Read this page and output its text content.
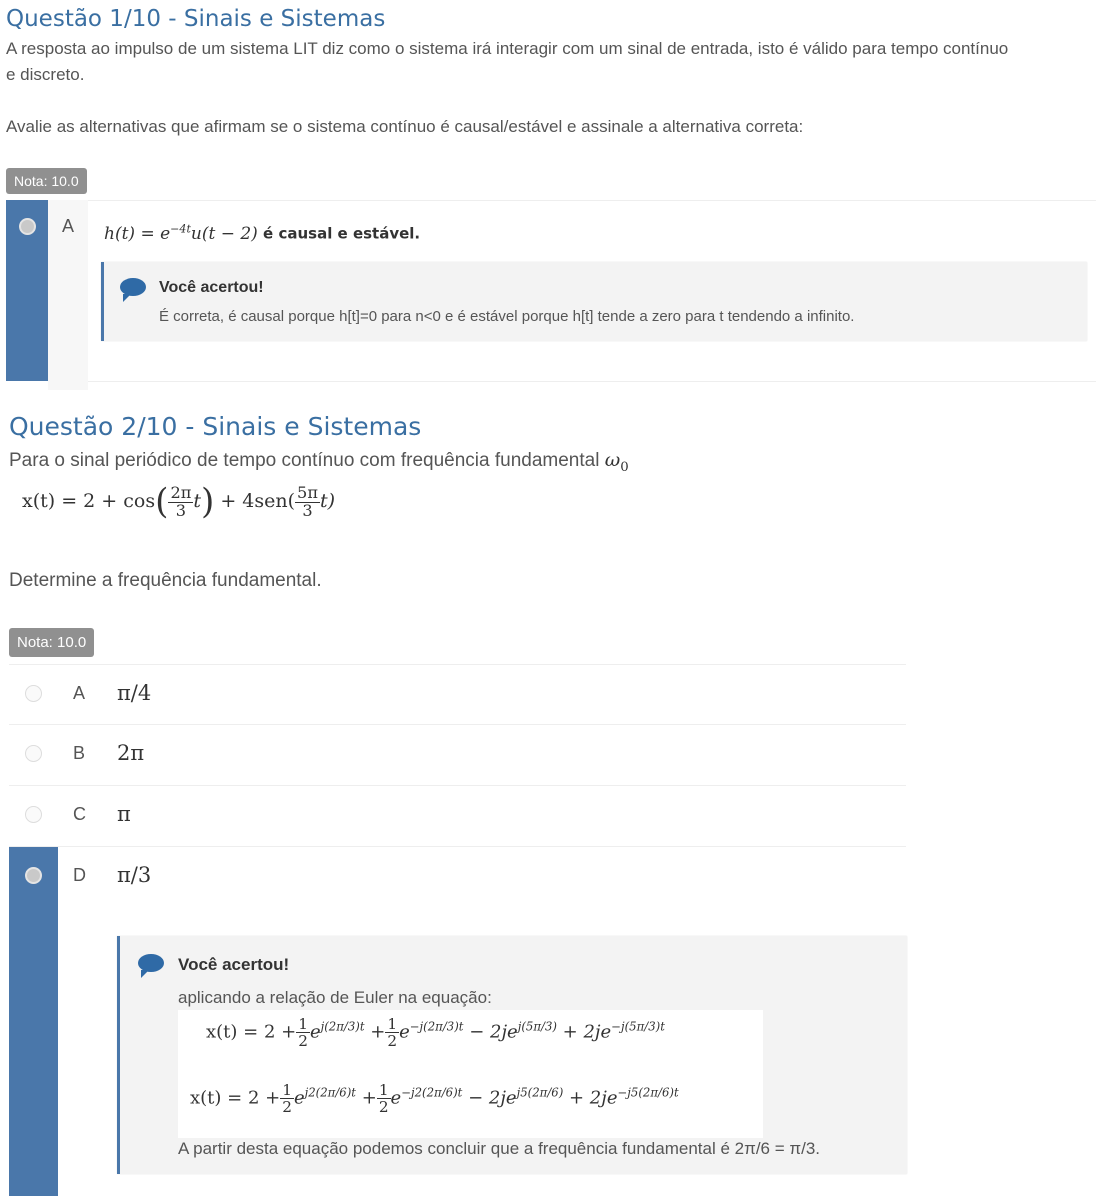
Questão 1/10 - Sinais e Sistemas
A resposta ao impulso de um sistema LIT diz como o sistema irá interagir com um sinal de entrada, isto é válido para tempo contínuo
e discreto.
Avalie as alternativas que afirmam se o sistema contínuo é causal/estável e assinale a alternativa correta:
Nota: 10.0
A $h(t) = e^{-4t}u(t - 2)$ é causal e estável.
Você acertou!
É correta, é causal porque h[t]=0 para n<0 e é estável porque h[t] tende a zero para t tendendo a infinito.
Questão 2/10 - Sinais e Sistemas
Para o sinal periódico de tempo contínuo com frequência fundamental $\omega_0$
$x(t) = 2 + \cos( \frac{2\pi}{3} t) + 4sen( \frac{5\pi}{3} t)$
Determine a frequência fundamental.
Nota: 10.0
A π/4
B 2π
C π
D π/3
Você acertou!
aplicando a relação de Euler na equação:
$x(t) = 2 + \frac{1}{2} e^{j(2\pi/3)t} + \frac{1}{2} e^{-j(2\pi/3)t} - 2je^{j(5\pi/3)} + 2je^{-j(5\pi/3)t}$
$x(t) = 2 + \frac{1}{2} e^{j2(2\pi/6)t} + \frac{1}{2} e^{-j2(2\pi/6)t} - 2je^{j5(2\pi/6)} + 2je^{-j5(2\pi/6)t}$
A partir desta equação podemos concluir que a frequência fundamental é 2π/6 = π/3.
